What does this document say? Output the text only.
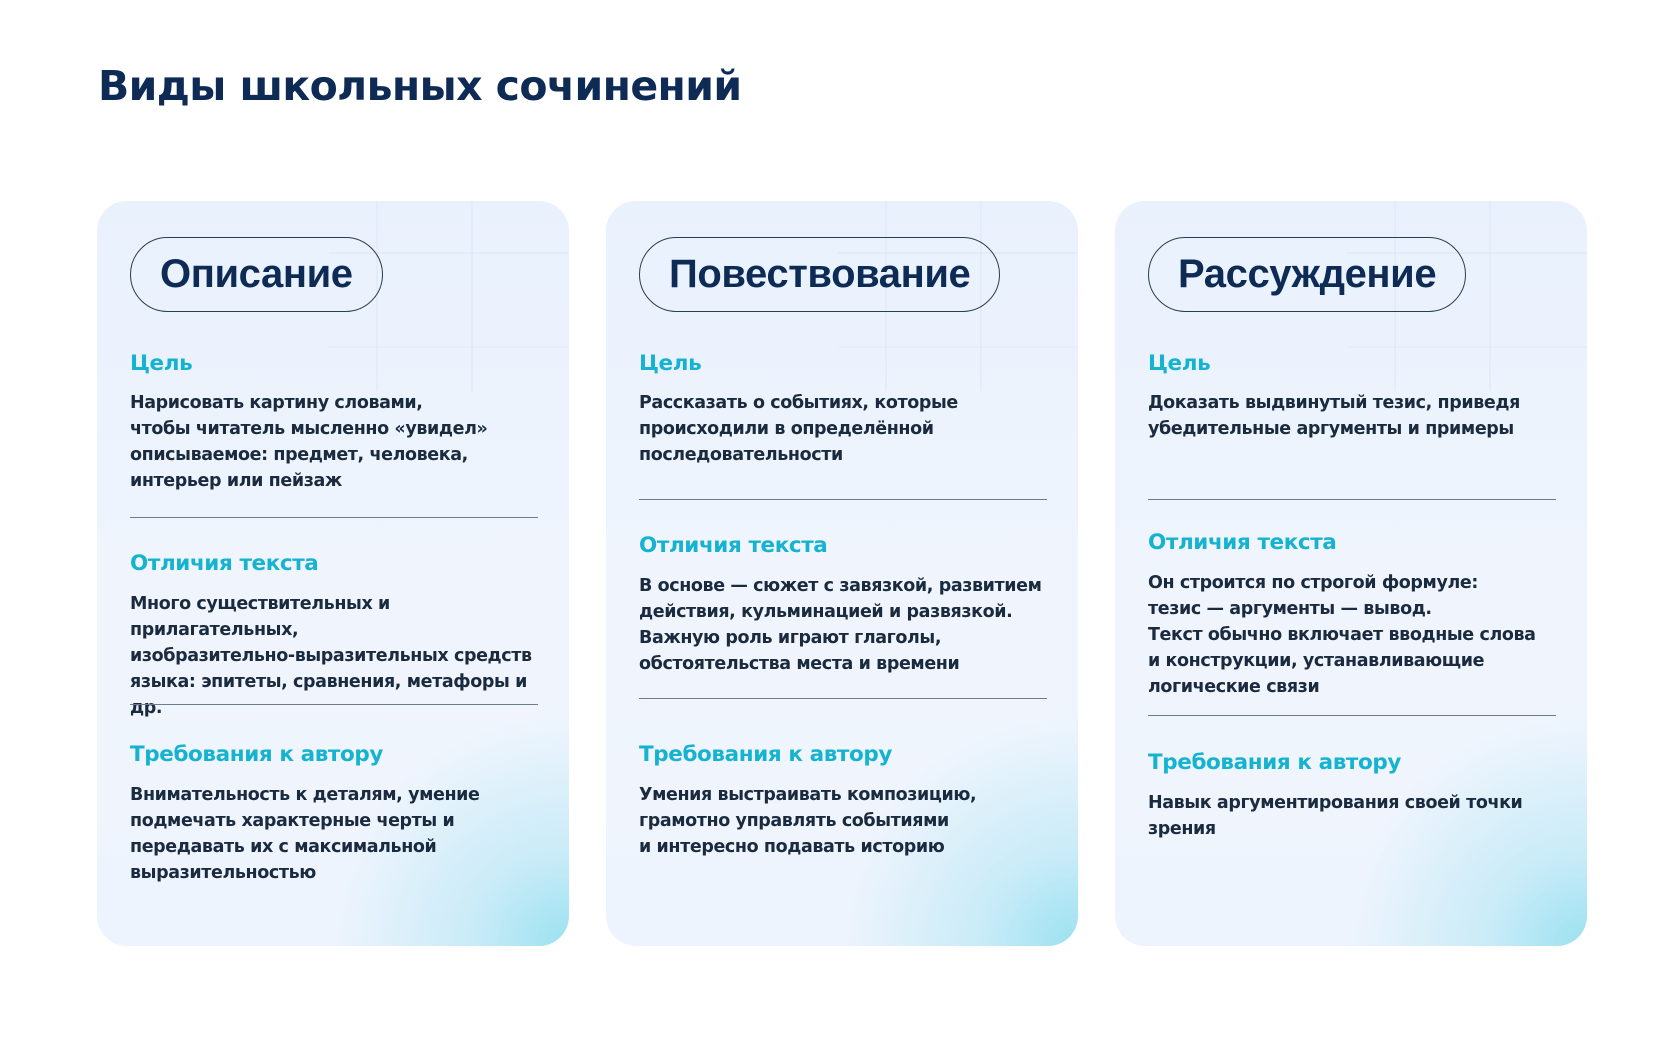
Виды школьных сочинений
Описание
Цель

Нарисовать картину словами,
чтобы читатель мысленно «увидел»
описываемое: предмет, человека,
интерьер или пейзаж

Отличия текста

Много существительных и прилагательных,
изобразительно-выразительных средств
языка: эпитеты, сравнения, метафоры и др.

Требования к автору

Внимательность к деталям, умение
подмечать характерные черты и
передавать их с максимальной
выразительностью

Повествование
Цель

Рассказать о событиях, которые
происходили в определённой
последовательности

Отличия текста

В основе — сюжет с завязкой, развитием
действия, кульминацией и развязкой.
Важную роль играют глаголы,
обстоятельства места и времени

Требования к автору

Умения выстраивать композицию,
грамотно управлять событиями
и интересно подавать историю

Рассуждение
Цель

Доказать выдвинутый тезис, приведя
убедительные аргументы и примеры

Отличия текста

Он строится по строгой формуле:
тезис — аргументы — вывод.
Текст обычно включает вводные слова
и конструкции, устанавливающие
логические связи

Требования к автору

Навык аргументирования своей точки
зрения
